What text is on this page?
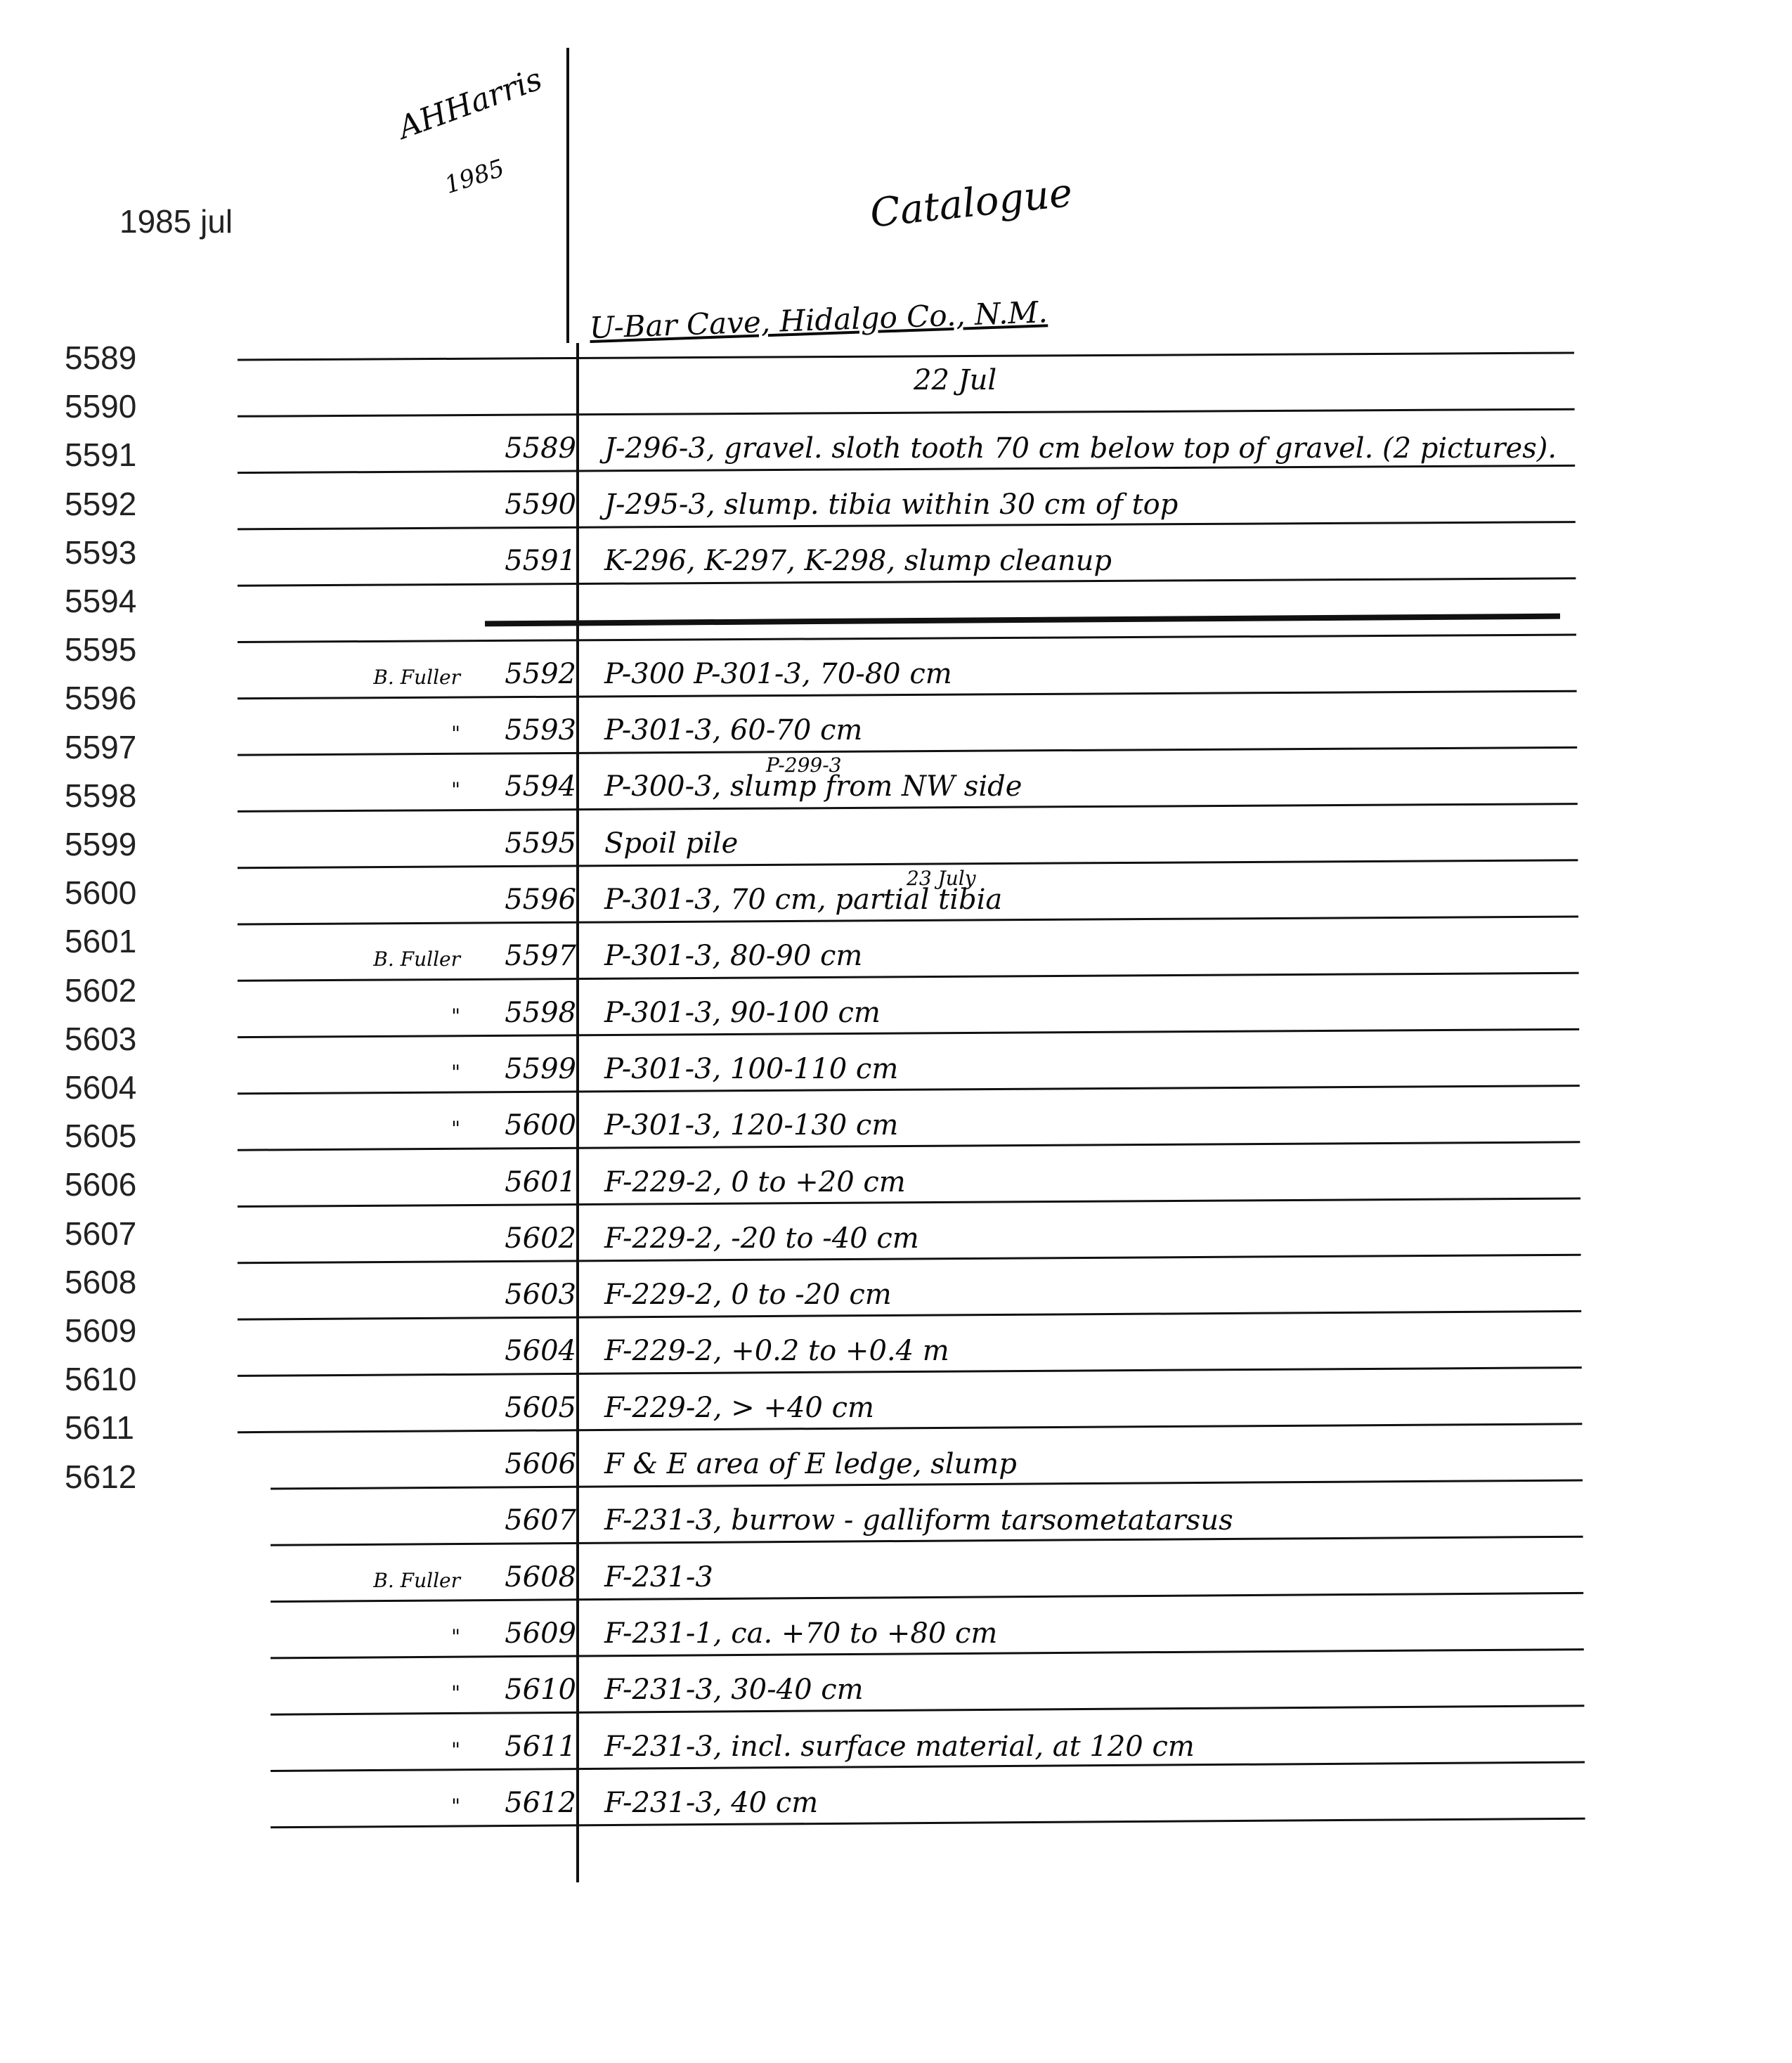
1985 jul
5589
5590
5591
5592
5593
5594
5595
5596
5597
5598
5599
5600
5601
5602
5603
5604
5605
5606
5607
5608
5609
5610
5611
5612
AHHarris
1985	Catalogue
U-Bar Cave, Hidalgo Co., N.M.
22 Jul
5589 J-296-3, gravel. sloth tooth 70 cm below top of gravel. (2 pictures).
5590 J-295-3, slump. tibia within 30 cm of top
5591 K-296, K-297, K-298, slump cleanup
B. Fuller 5592 P-300 P-301-3, 70-80 cm
" 5593 P-301-3, 60-70 cm
" 5594 P-300-3, slump from NW side
P-299-3
5595 Spoil pile
5596 P-301-3, 70 cm, partial tibia
23 July
B. Fuller 5597 P-301-3, 80-90 cm
" 5598 P-301-3, 90-100 cm
" 5599 P-301-3, 100-110 cm
" 5600 P-301-3, 120-130 cm
5601 F-229-2, 0 to +20 cm
5602 F-229-2, -20 to -40 cm
5603 F-229-2, 0 to -20 cm
5604 F-229-2, +0.2 to +0.4 m
5605 F-229-2, > +40 cm
5606 F & E area of E ledge, slump
5607 F-231-3, burrow - galliform tarsometatarsus
B. Fuller 5608 F-231-3
" 5609 F-231-1, ca. +70 to +80 cm
" 5610 F-231-3, 30-40 cm
" 5611 F-231-3, incl. surface material, at 120 cm
" 5612 F-231-3, 40 cm
